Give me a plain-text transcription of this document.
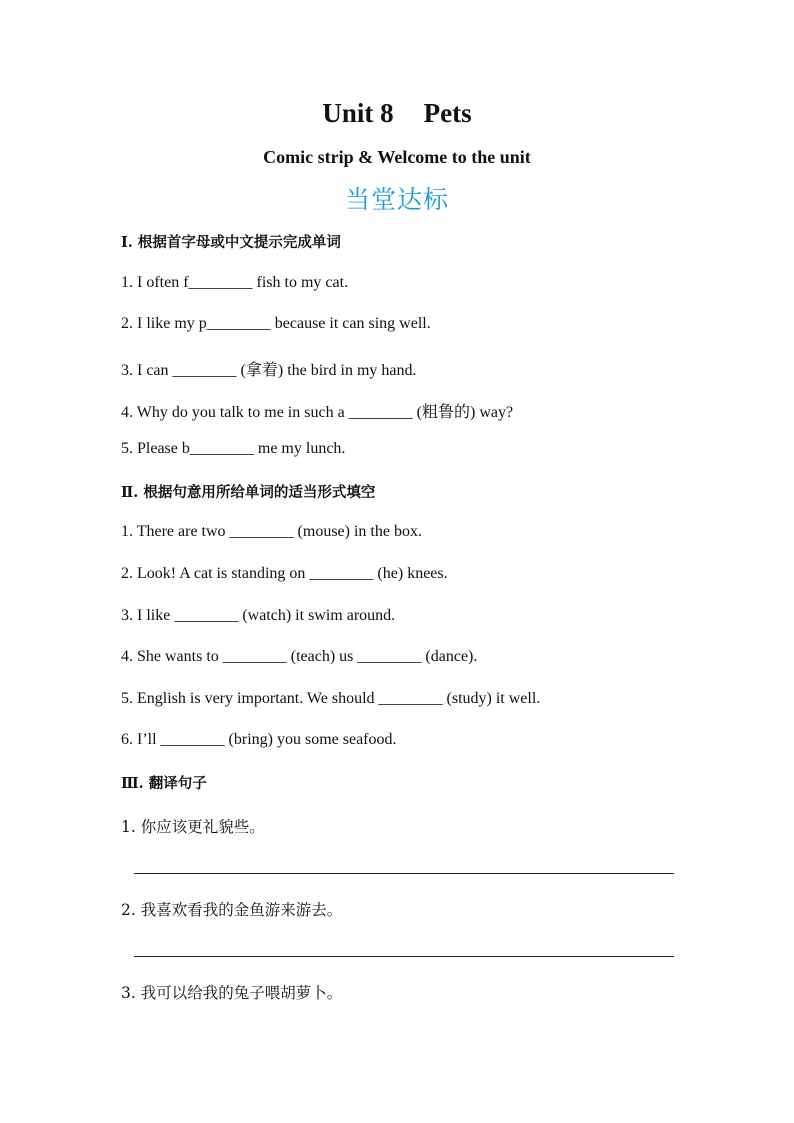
Unit 8 Pets
Comic strip & Welcome to the unit
当堂达标
Ⅰ. 根据首字母或中文提示完成单词
1. I often f________ fish to my cat.
2. I like my p________ because it can sing well.
3. I can ________ (拿着) the bird in my hand.
4. Why do you talk to me in such a ________ (粗鲁的) way?
5. Please b________ me my lunch.
Ⅱ. 根据句意用所给单词的适当形式填空
1. There are two ________ (mouse) in the box.
2. Look! A cat is standing on ________ (he) knees.
3. I like ________ (watch) it swim around.
4. She wants to ________ (teach) us ________ (dance).
5. English is very important. We should ________ (study) it well.
6. I’ll ________ (bring) you some seafood.
Ⅲ. 翻译句子
1. 你应该更礼貌些。
2. 我喜欢看我的金鱼游来游去。
3. 我可以给我的兔子喂胡萝卜。
